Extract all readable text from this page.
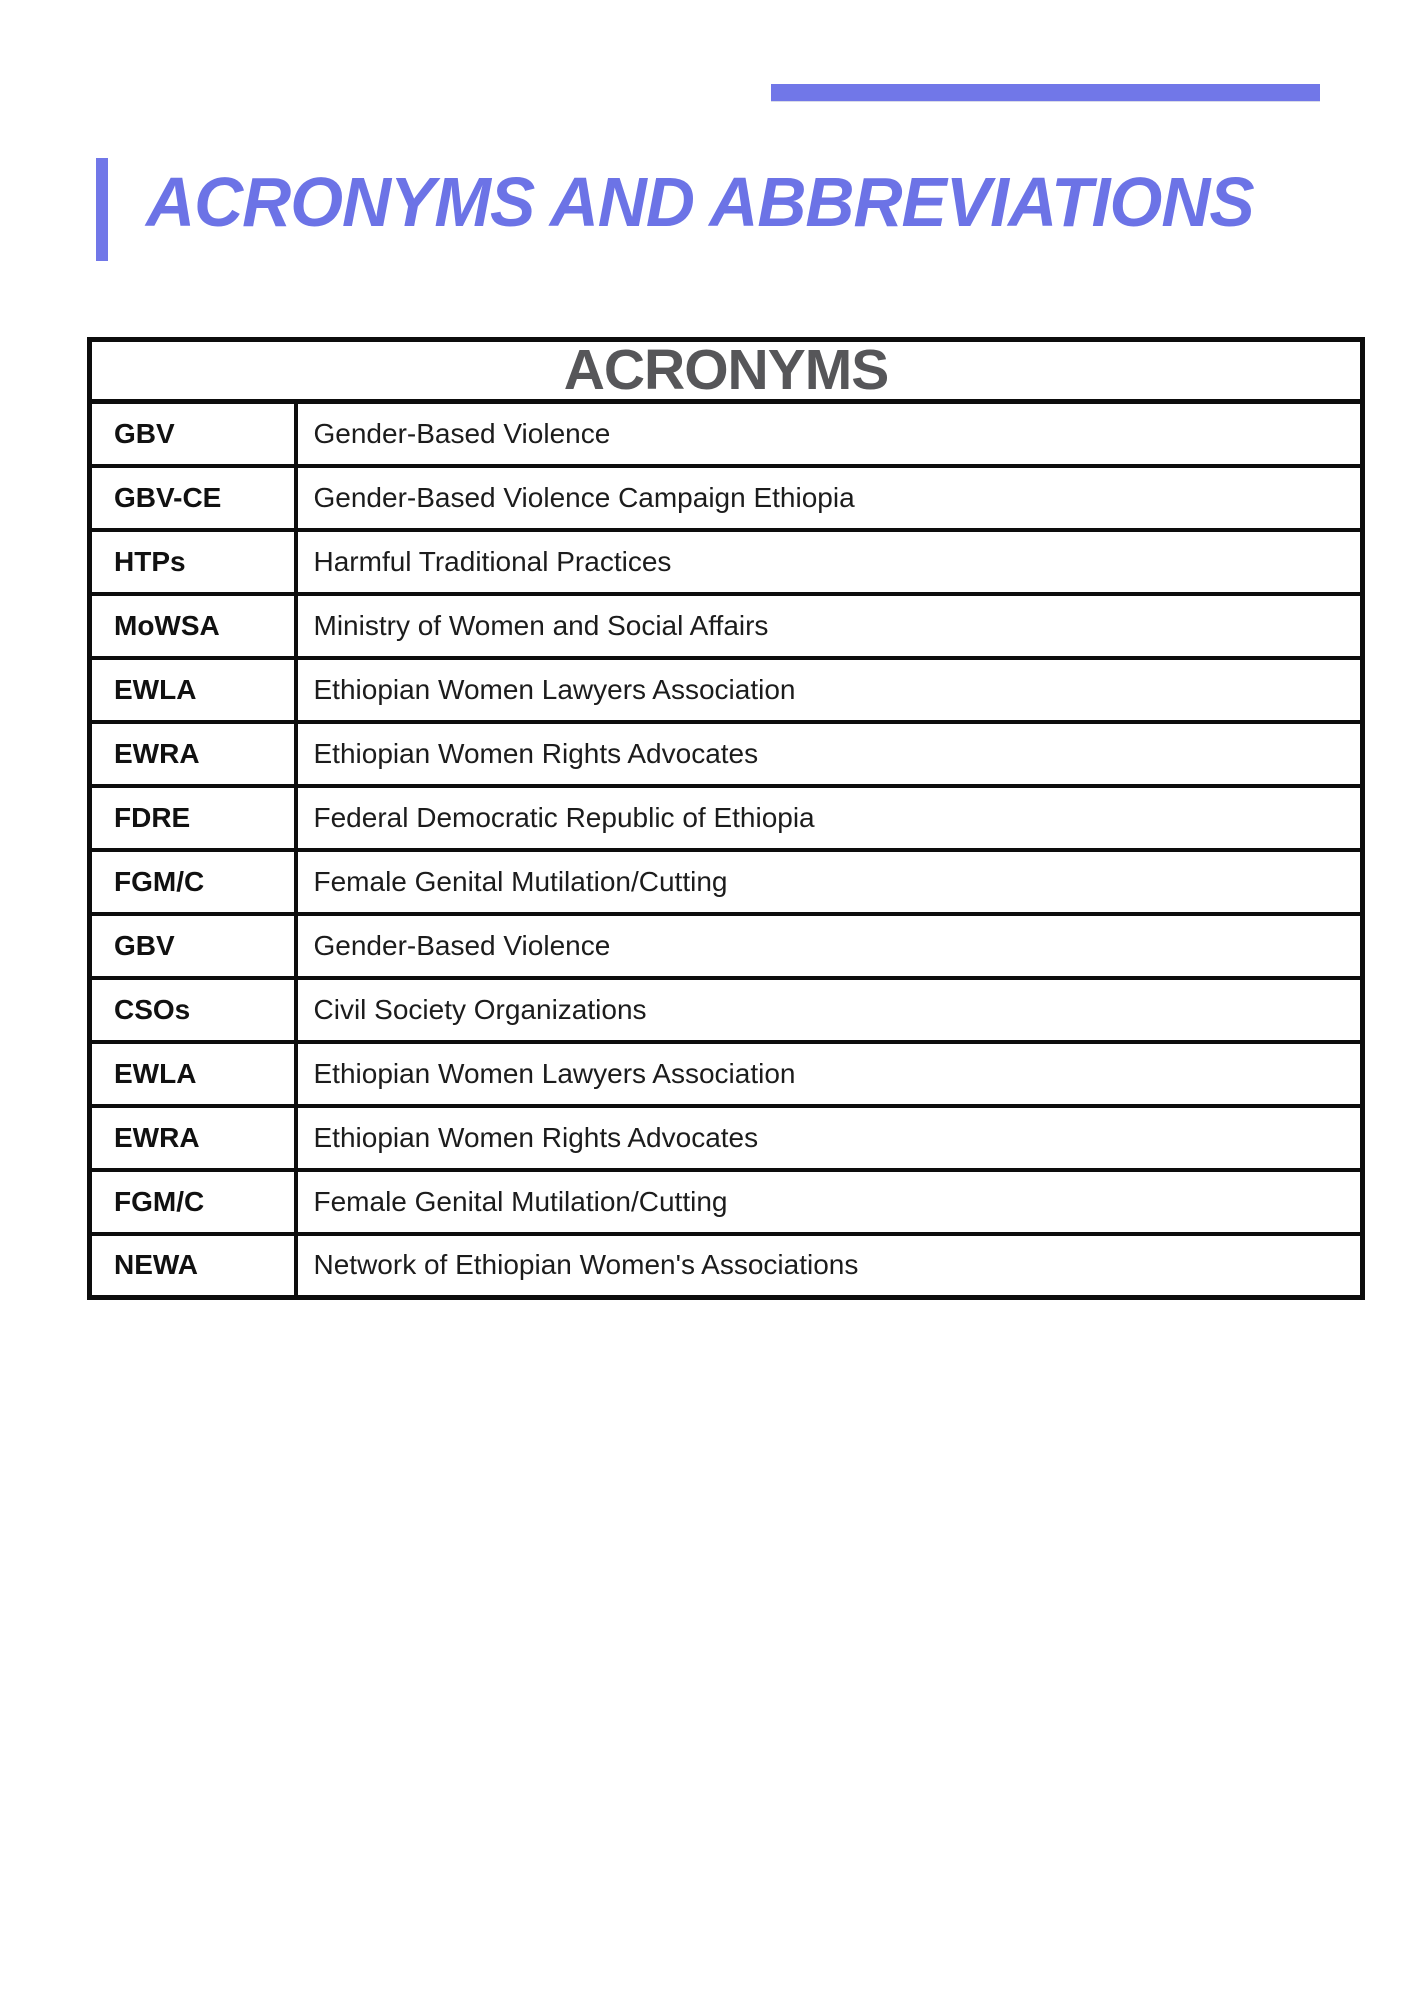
ACRONYMS AND ABBREVIATIONS
ACRONYMS	
GBV	Gender-Based Violence
GBV-CE	Gender-Based Violence Campaign Ethiopia
HTPs	Harmful Traditional Practices
MoWSA	Ministry of Women and Social Affairs
EWLA	Ethiopian Women Lawyers Association
EWRA	Ethiopian Women Rights Advocates
FDRE	Federal Democratic Republic of Ethiopia
FGM/C	Female Genital Mutilation/Cutting
GBV	Gender-Based Violence
CSOs	Civil Society Organizations
EWLA	Ethiopian Women Lawyers Association
EWRA	Ethiopian Women Rights Advocates
FGM/C	Female Genital Mutilation/Cutting
NEWA	Network of Ethiopian Women's Associations
